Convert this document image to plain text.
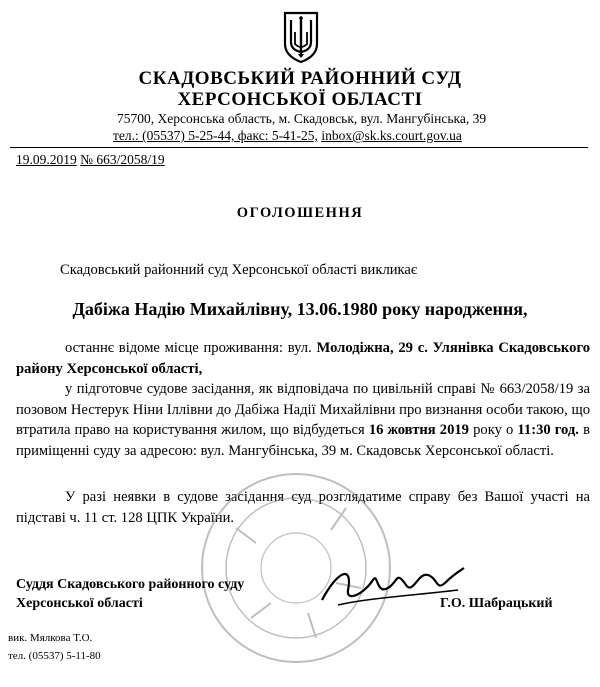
СКАДОВСЬКИЙ РАЙОННИЙ СУД
ХЕРСОНСЬКОЇ ОБЛАСТІ
75700, Херсонська область, м. Скадовськ, вул. Мангубінська, 39
тел.: (05537) 5-25-44, факс: 5-41-25, inbox@sk.ks.court.gov.ua
19.09.2019 № 663/2058/19
ОГОЛОШЕННЯ
Скадовський районний суд Херсонської області викликає
Дабіжа Надію Михайлівну, 13.06.1980 року народження,
останнє відоме місце проживання: вул. Молодіжна, 29 с. Улянівка Скадовського району Херсонської області,
у підготовче судове засідання, як відповідача по цивільній справі № 663/2058/19 за позовом Нестерук Ніни Іллівни до Дабіжа Надії Михайлівни про визнання особи такою, що втратила право на користування жилом, що відбудеться 16 жовтня 2019 року о 11:30 год. в приміщенні суду за адресою: вул. Мангубінська, 39 м. Скадовськ Херсонської області.
У разі неявки в судове засідання суд розглядатиме справу без Вашої участі на підставі ч. 11 ст. 128 ЦПК України.
Суддя Скадовського районного суду
Херсонської області	Г.О. Шабрацький
вик. Мялкова Т.О.
тел. (05537) 5-11-80
